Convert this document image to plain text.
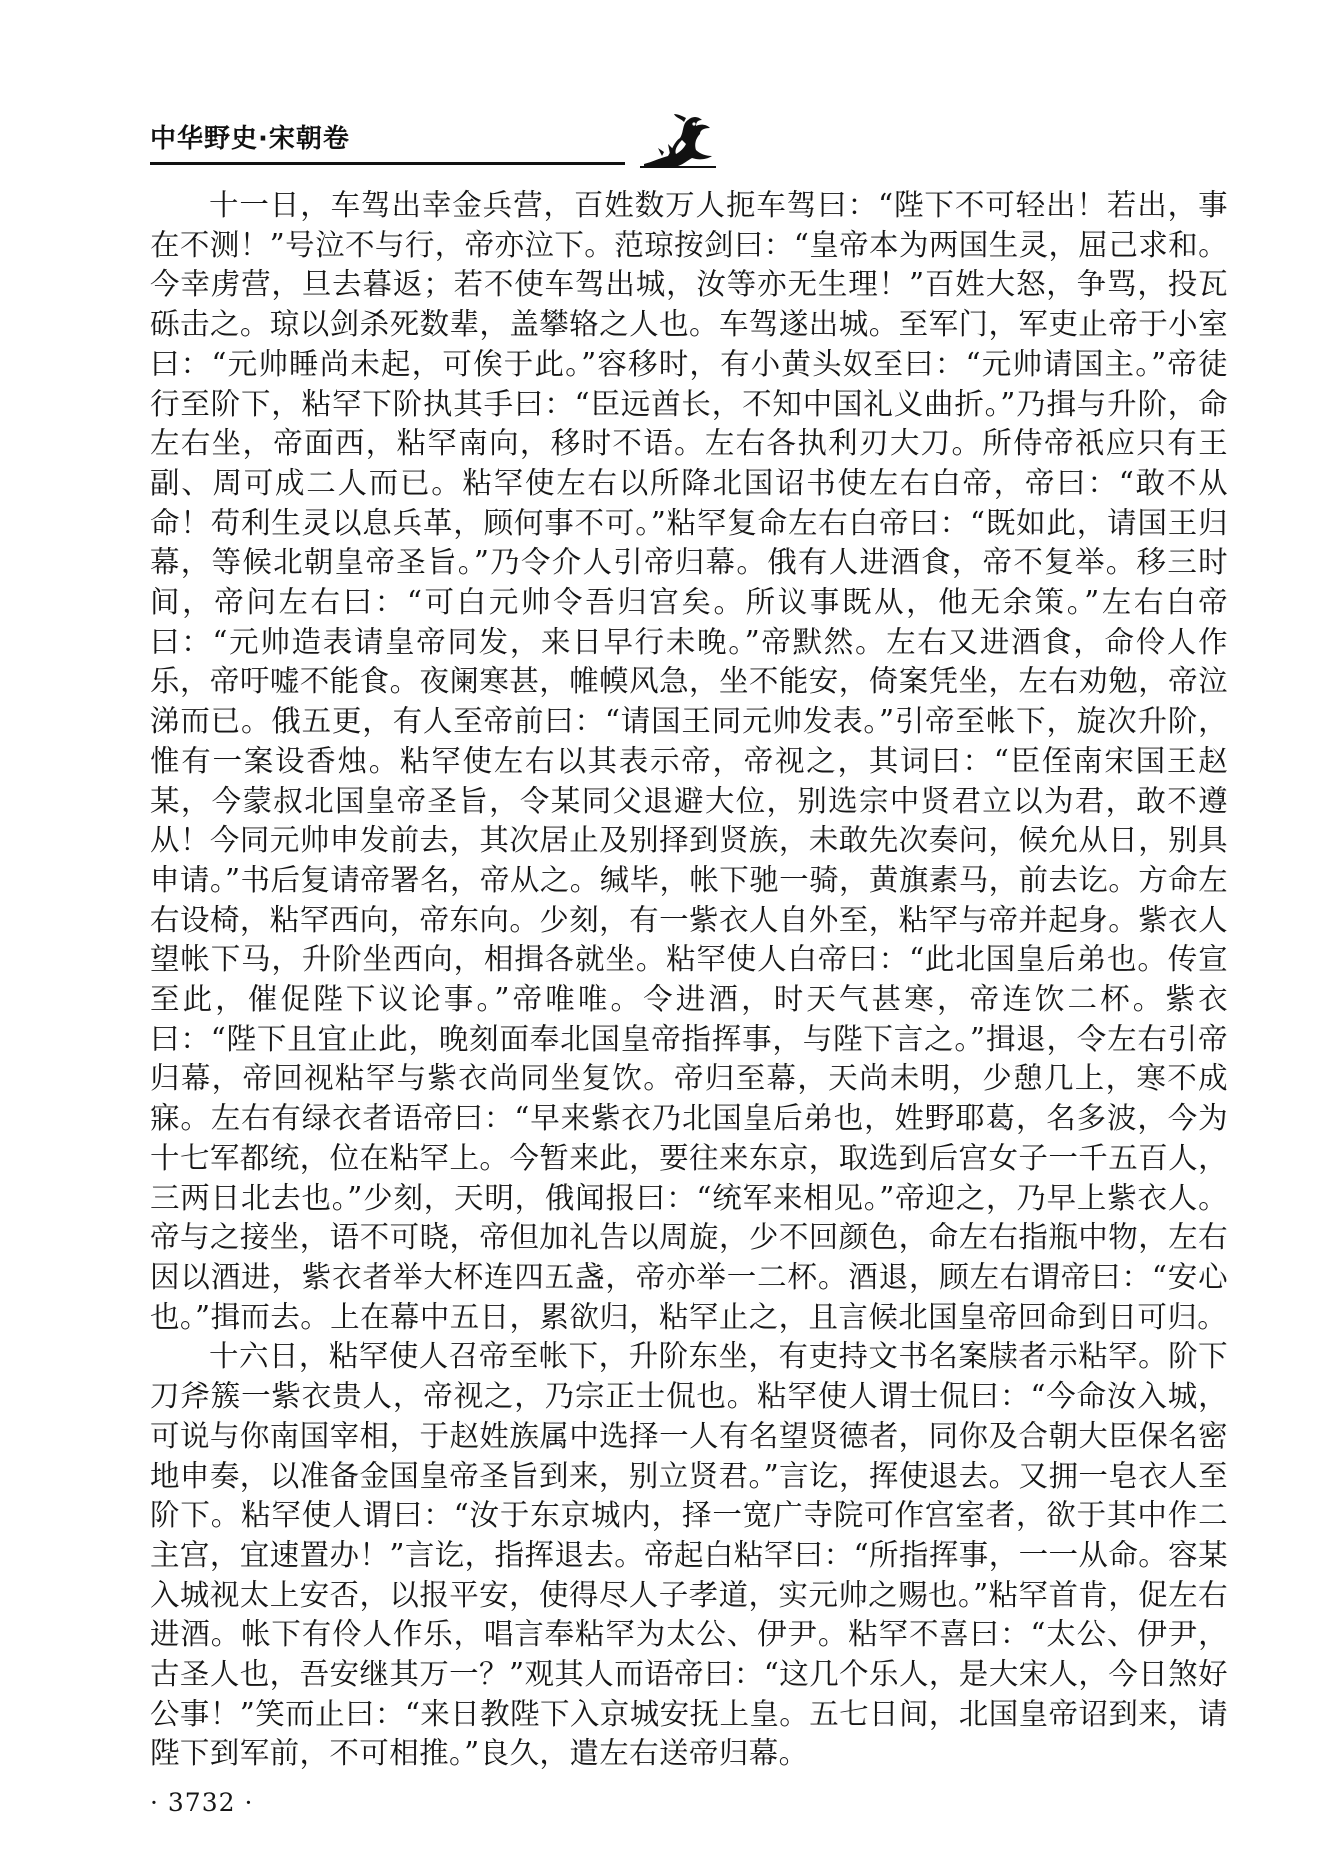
中华野史·宋朝卷

十一日，车驾出幸金兵营，百姓数万人扼车驾曰：“陛下不可轻出！若出，事在不测！”号泣不与行，帝亦泣下。范琼按剑曰：“皇帝本为两国生灵，屈己求和。今幸虏营，旦去暮返；若不使车驾出城，汝等亦无生理！”百姓大怒，争骂，投瓦砾击之。琼以剑杀死数辈，盖攀辂之人也。车驾遂出城。至军门，军吏止帝于小室曰：“元帅睡尚未起，可俟于此。”容移时，有小黄头奴至曰：“元帅请国主。”帝徒行至阶下，粘罕下阶执其手曰：“臣远酋长，不知中国礼义曲折。”乃揖与升阶，命左右坐，帝面西，粘罕南向，移时不语。左右各执利刃大刀。所侍帝祇应只有王副、周可成二人而已。粘罕使左右以所降北国诏书使左右白帝，帝曰：“敢不从命！苟利生灵以息兵革，顾何事不可。”粘罕复命左右白帝曰：“既如此，请国王归幕，等候北朝皇帝圣旨。”乃令介人引帝归幕。俄有人进酒食，帝不复举。移三时间，帝问左右曰：“可白元帅令吾归宫矣。所议事既从，他无余策。”左右白帝曰：“元帅造表请皇帝同发，来日早行未晚。”帝默然。左右又进酒食，命伶人作乐，帝吁嘘不能食。夜阑寒甚，帷幙风急，坐不能安，倚案凭坐，左右劝勉，帝泣涕而已。俄五更，有人至帝前曰：“请国王同元帅发表。”引帝至帐下，旋次升阶，惟有一案设香烛。粘罕使左右以其表示帝，帝视之，其词曰：“臣侄南宋国王赵某，今蒙叔北国皇帝圣旨，令某同父退避大位，别选宗中贤君立以为君，敢不遵从！今同元帅申发前去，其次居止及别择到贤族，未敢先次奏问，候允从日，别具申请。”书后复请帝署名，帝从之。缄毕，帐下驰一骑，黄旗素马，前去讫。方命左右设椅，粘罕西向，帝东向。少刻，有一紫衣人自外至，粘罕与帝并起身。紫衣人望帐下马，升阶坐西向，相揖各就坐。粘罕使人白帝曰：“此北国皇后弟也。传宣至此，催促陛下议论事。”帝唯唯。令进酒，时天气甚寒，帝连饮二杯。紫衣曰：“陛下且宜止此，晚刻面奉北国皇帝指挥事，与陛下言之。”揖退，令左右引帝归幕，帝回视粘罕与紫衣尚同坐复饮。帝归至幕，天尚未明，少憩几上，寒不成寐。左右有绿衣者语帝曰：“早来紫衣乃北国皇后弟也，姓野耶葛，名多波，今为十七军都统，位在粘罕上。今暂来此，要往来东京，取选到后宫女子一千五百人，三两日北去也。”少刻，天明，俄闻报曰：“统军来相见。”帝迎之，乃早上紫衣人。帝与之接坐，语不可晓，帝但加礼告以周旋，少不回颜色，命左右指瓶中物，左右因以酒进，紫衣者举大杯连四五盏，帝亦举一二杯。酒退，顾左右谓帝曰：“安心也。”揖而去。上在幕中五日，累欲归，粘罕止之，且言候北国皇帝回命到日可归。

十六日，粘罕使人召帝至帐下，升阶东坐，有吏持文书名案牍者示粘罕。阶下刀斧簇一紫衣贵人，帝视之，乃宗正士侃也。粘罕使人谓士侃曰：“今命汝入城，可说与你南国宰相，于赵姓族属中选择一人有名望贤德者，同你及合朝大臣保名密地申奏，以准备金国皇帝圣旨到来，别立贤君。”言讫，挥使退去。又拥一皂衣人至阶下。粘罕使人谓曰：“汝于东京城内，择一宽广寺院可作宫室者，欲于其中作二主宫，宜速置办！”言讫，指挥退去。帝起白粘罕曰：“所指挥事，一一从命。容某入城视太上安否，以报平安，使得尽人子孝道，实元帅之赐也。”粘罕首肯，促左右进酒。帐下有伶人作乐，唱言奉粘罕为太公、伊尹。粘罕不喜曰：“太公、伊尹，古圣人也，吾安继其万一？”观其人而语帝曰：“这几个乐人，是大宋人，今日煞好公事！”笑而止曰：“来日教陛下入京城安抚上皇。五七日间，北国皇帝诏到来，请陛下到军前，不可相推。”良久，遣左右送帝归幕。

· 3732 ·
